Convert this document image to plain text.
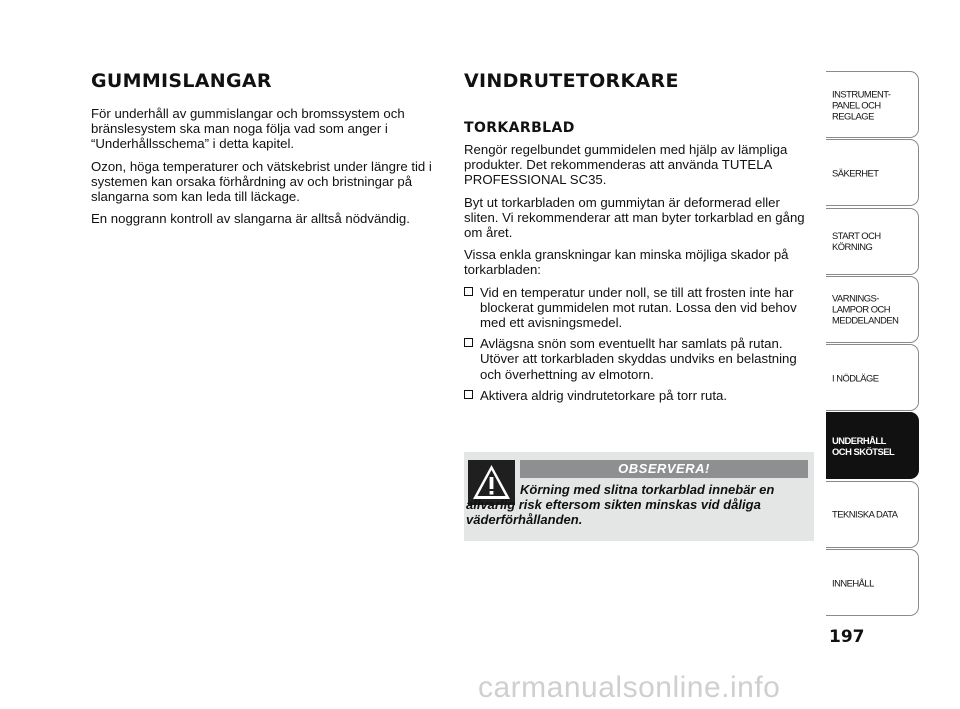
GUMMISLANGAR

För underhåll av gummislangar och bromssystem och bränslesystem ska man noga följa vad som anger i “Underhållsschema” i detta kapitel.

Ozon, höga temperaturer och vätskebrist under längre tid i systemen kan orsaka förhårdning av och bristningar på slangarna som kan leda till läckage.

En noggrann kontroll av slangarna är alltså nödvändig.

VINDRUTETORKARE
TORKARBLAD

Rengör regelbundet gummidelen med hjälp av lämpliga produkter. Det rekommenderas att använda TUTELA PROFESSIONAL SC35.

Byt ut torkarbladen om gummiytan är deformerad eller sliten. Vi rekommenderar att man byter torkarblad en gång om året.

Vissa enkla granskningar kan minska möjliga skador på torkarbladen:

Vid en temperatur under noll, se till att frosten inte har blockerat gummidelen mot rutan. Lossa den vid behov med ett avisningsmedel.
Avlägsna snön som eventuellt har samlats på rutan. Utöver att torkarbladen skyddas undviks en belastning och överhettning av elmotorn.
Aktivera aldrig vindrutetorkare på torr ruta.
OBSERVERA!
Körning med slitna torkarblad innebär en allvarlig risk eftersom sikten minskas vid dåliga väderförhållanden.
INSTRUMENT-
PANEL OCH
REGLAGE
SÄKERHET
START OCH
KÖRNING
VARNINGS-
LAMPOR OCH
MEDDELANDEN
I NÖDLÄGE
UNDERHÅLL
OCH SKÖTSEL
TEKNISKA DATA
INNEHÅLL
197
carmanualsonline.info
